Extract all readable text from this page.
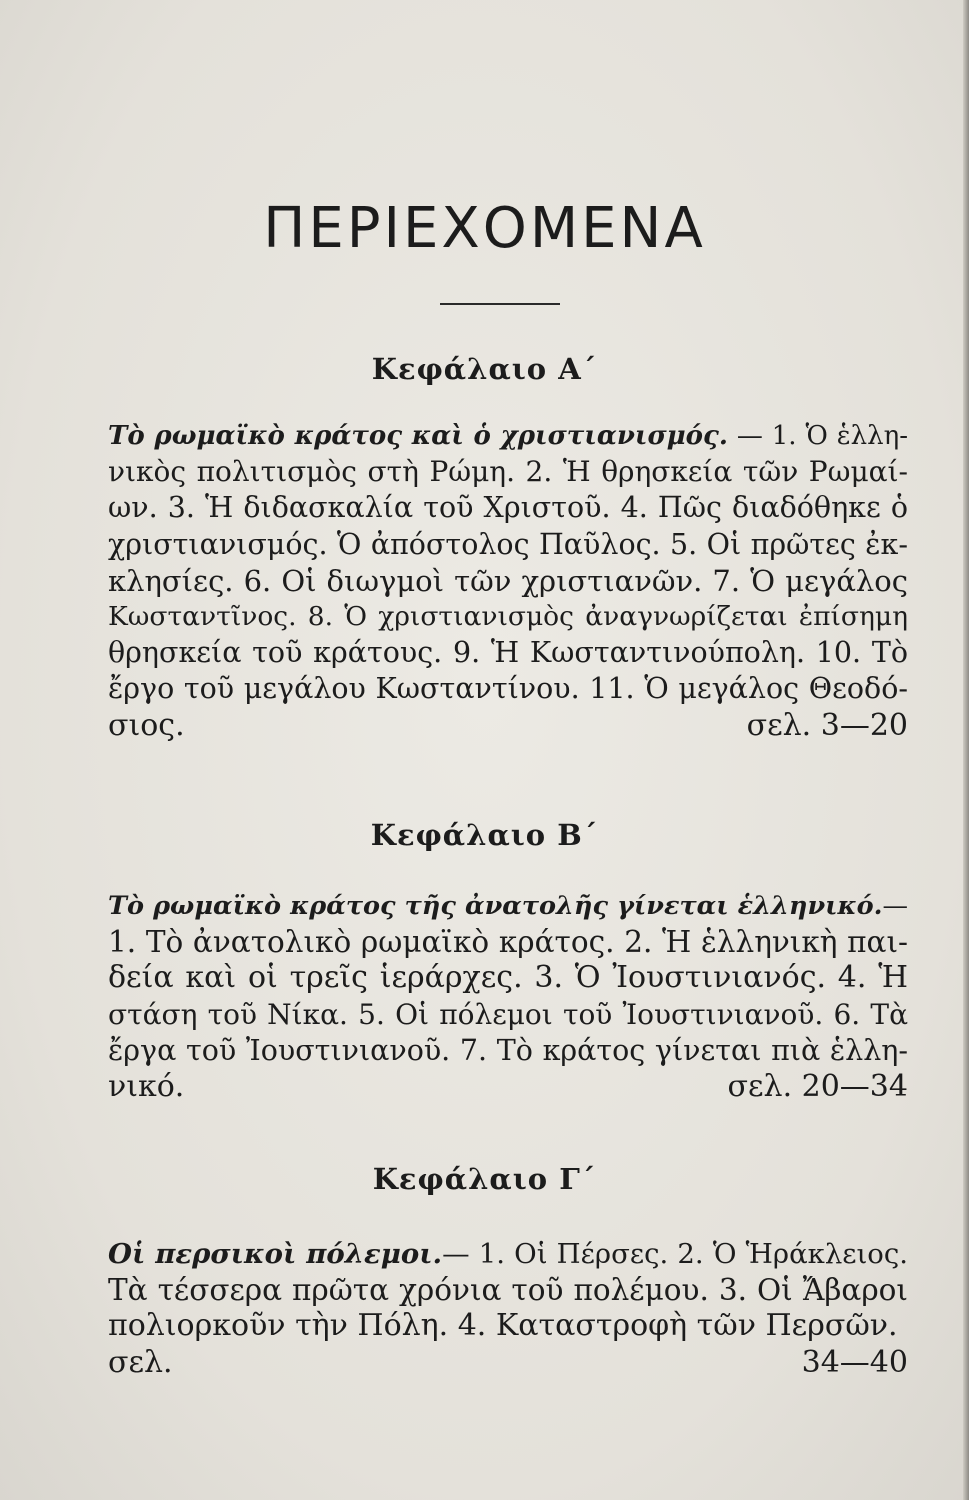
ΠΕΡΙΕΧΟΜΕΝΑ
Κεφάλαιο Α΄
Τὸ ρωμαϊκὸ κράτος καὶ ὁ χριστιανισμός. — 1. Ὁ ἑλλη-
νικὸς πολιτισμὸς στὴ Ρώμη. 2. Ἡ θρησκεία τῶν Ρωμαί-
ων. 3. Ἡ διδασκαλία τοῦ Χριστοῦ. 4. Πῶς διαδόθηκε ὁ
χριστιανισμός. Ὁ ἀπόστολος Παῦλος. 5. Οἱ πρῶτες ἐκ-
κλησίες. 6. Οἱ διωγμοὶ τῶν χριστιανῶν. 7. Ὁ μεγάλος
Κωσταντῖνος. 8. Ὁ χριστιανισμὸς ἀναγνωρίζεται ἐπίσημη
θρησκεία τοῦ κράτους. 9. Ἡ Κωσταντινούπολη. 10. Τὸ
ἔργο τοῦ μεγάλου Κωσταντίνου. 11. Ὁ μεγάλος Θεοδό-
σιος.	σελ. 3—20
Κεφάλαιο Β΄
Τὸ ρωμαϊκὸ κράτος τῆς ἀνατολῆς γίνεται ἑλληνικό.—
1. Τὸ ἀνατολικὸ ρωμαϊκὸ κράτος. 2. Ἡ ἑλληνικὴ παι-
δεία καὶ οἱ τρεῖς ἱεράρχες. 3. Ὁ Ἰουστινιανός. 4. Ἡ
στάση τοῦ Νίκα. 5. Οἱ πόλεμοι τοῦ Ἰουστινιανοῦ. 6. Τὰ
ἔργα τοῦ Ἰουστινιανοῦ. 7. Τὸ κράτος γίνεται πιὰ ἑλλη-
νικό.	σελ. 20—34
Κεφάλαιο Γ΄
Οἱ περσικοὶ πόλεμοι.— 1. Οἱ Πέρσες. 2. Ὁ Ἡράκλειος.
Τὰ τέσσερα πρῶτα χρόνια τοῦ πολέμου. 3. Οἱ Ἄβαροι
πολιορκοῦν τὴν Πόλη. 4. Καταστροφὴ τῶν Περσῶν.
σελ. 34—40
